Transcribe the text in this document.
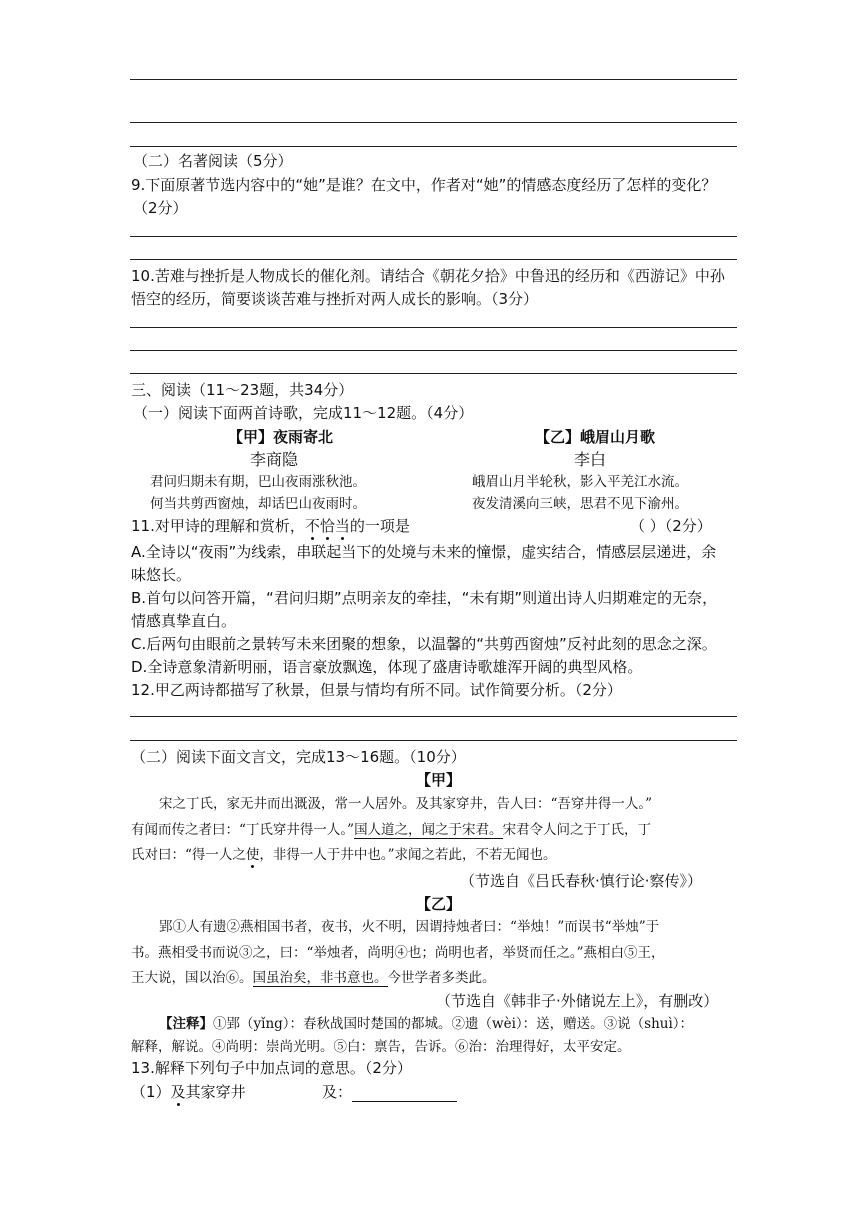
（二）名著阅读（5分）
9.下面原著节选内容中的“她”是谁？在文中，作者对“她”的情感态度经历了怎样的变化？
（2分）
10.苦难与挫折是人物成长的催化剂。请结合《朝花夕拾》中鲁迅的经历和《西游记》中孙
悟空的经历，简要谈谈苦难与挫折对两人成长的影响。（3分）
三、阅读（11～23题，共34分）
（一）阅读下面两首诗歌，完成11～12题。（4分）
【甲】夜雨寄北	【乙】峨眉山月歌
李商隐	李白
君问归期未有期，巴山夜雨涨秋池。	峨眉山月半轮秋，影入平羌江水流。
何当共剪西窗烛，却话巴山夜雨时。	夜发清溪向三峡，思君不见下渝州。
11.对甲诗的理解和赏析，不恰当的一项是	（ ）（2分）
A.全诗以“夜雨”为线索，串联起当下的处境与未来的憧憬，虚实结合，情感层层递进，余
味悠长。
B.首句以问答开篇，“君问归期”点明亲友的牵挂，“未有期”则道出诗人归期难定的无奈，
情感真挚直白。
C.后两句由眼前之景转写未来团聚的想象，以温馨的“共剪西窗烛”反衬此刻的思念之深。
D.全诗意象清新明丽，语言豪放飘逸，体现了盛唐诗歌雄浑开阔的典型风格。
12.甲乙两诗都描写了秋景，但景与情均有所不同。试作简要分析。（2分）
（二）阅读下面文言文，完成13～16题。（10分）
【甲】
宋之丁氏，家无井而出溉汲，常一人居外。及其家穿井，告人曰：“吾穿井得一人。”
有闻而传之者曰：“丁氏穿井得一人。”国人道之，闻之于宋君。宋君令人问之于丁氏，丁
氏对曰：“得一人之使，非得一人于井中也。”求闻之若此，不若无闻也。
（节选自《吕氏春秋·慎行论·察传》）
【乙】
郢①人有遗②燕相国书者，夜书，火不明，因谓持烛者曰：“举烛！”而误书“举烛”于
书。燕相受书而说③之，曰：“举烛者，尚明④也；尚明也者，举贤而任之。”燕相白⑤王，
王大说，国以治⑥。国虽治矣，非书意也。今世学者多类此。
（节选自《韩非子·外储说左上》，有删改）
【注释】①郢（yǐng）：春秋战国时楚国的都城。②遗（wèi）：送，赠送。③说（shuì）：
解释，解说。④尚明：崇尚光明。⑤白：禀告，告诉。⑥治：治理得好，太平安定。
13.解释下列句子中加点词的意思。（2分）
（1）及其家穿井	及：
